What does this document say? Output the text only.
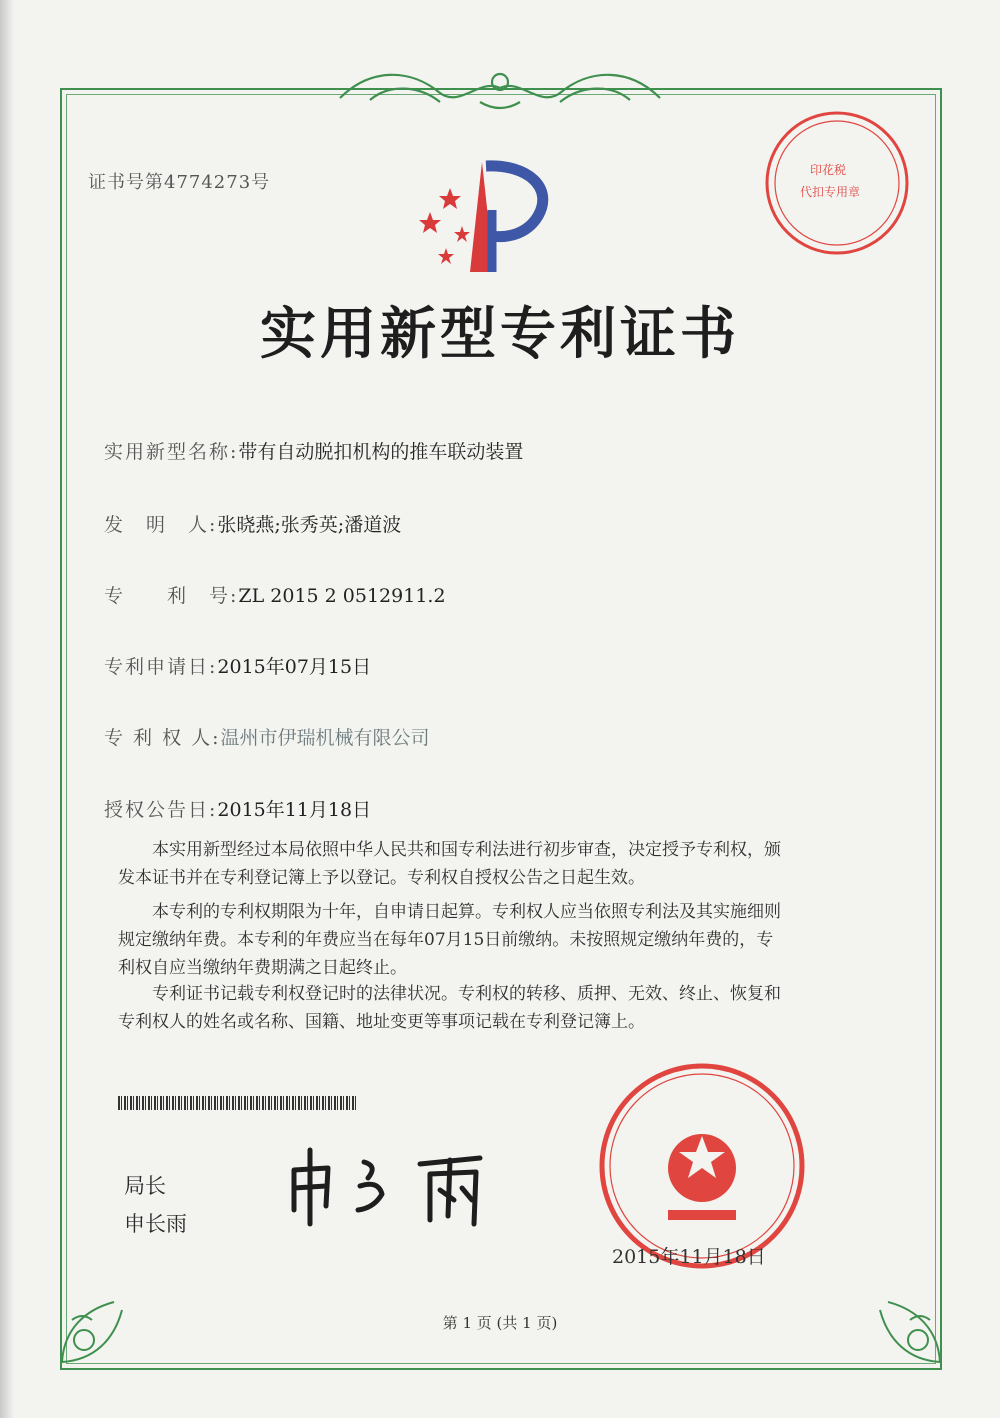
证书号第4774273号
印花税
代扣专用章
实用新型专利证书
实用新型名称:带有自动脱扣机构的推车联动装置
发　明　人:张晓燕;张秀英;潘道波
专　　利　号:ZL 2015 2 0512911.2
专利申请日:2015年07月15日
专 利 权 人:温州市伊瑞机械有限公司
授权公告日:2015年11月18日
本实用新型经过本局依照中华人民共和国专利法进行初步审查，决定授予专利权，颁
发本证书并在专利登记簿上予以登记。专利权自授权公告之日起生效。
本专利的专利权期限为十年，自申请日起算。专利权人应当依照专利法及其实施细则
规定缴纳年费。本专利的年费应当在每年07月15日前缴纳。未按照规定缴纳年费的，专
利权自应当缴纳年费期满之日起终止。
专利证书记载专利权登记时的法律状况。专利权的转移、质押、无效、终止、恢复和
专利权人的姓名或名称、国籍、地址变更等事项记载在专利登记簿上。
局长
申长雨
2015年11月18日
第 1 页 (共 1 页)
